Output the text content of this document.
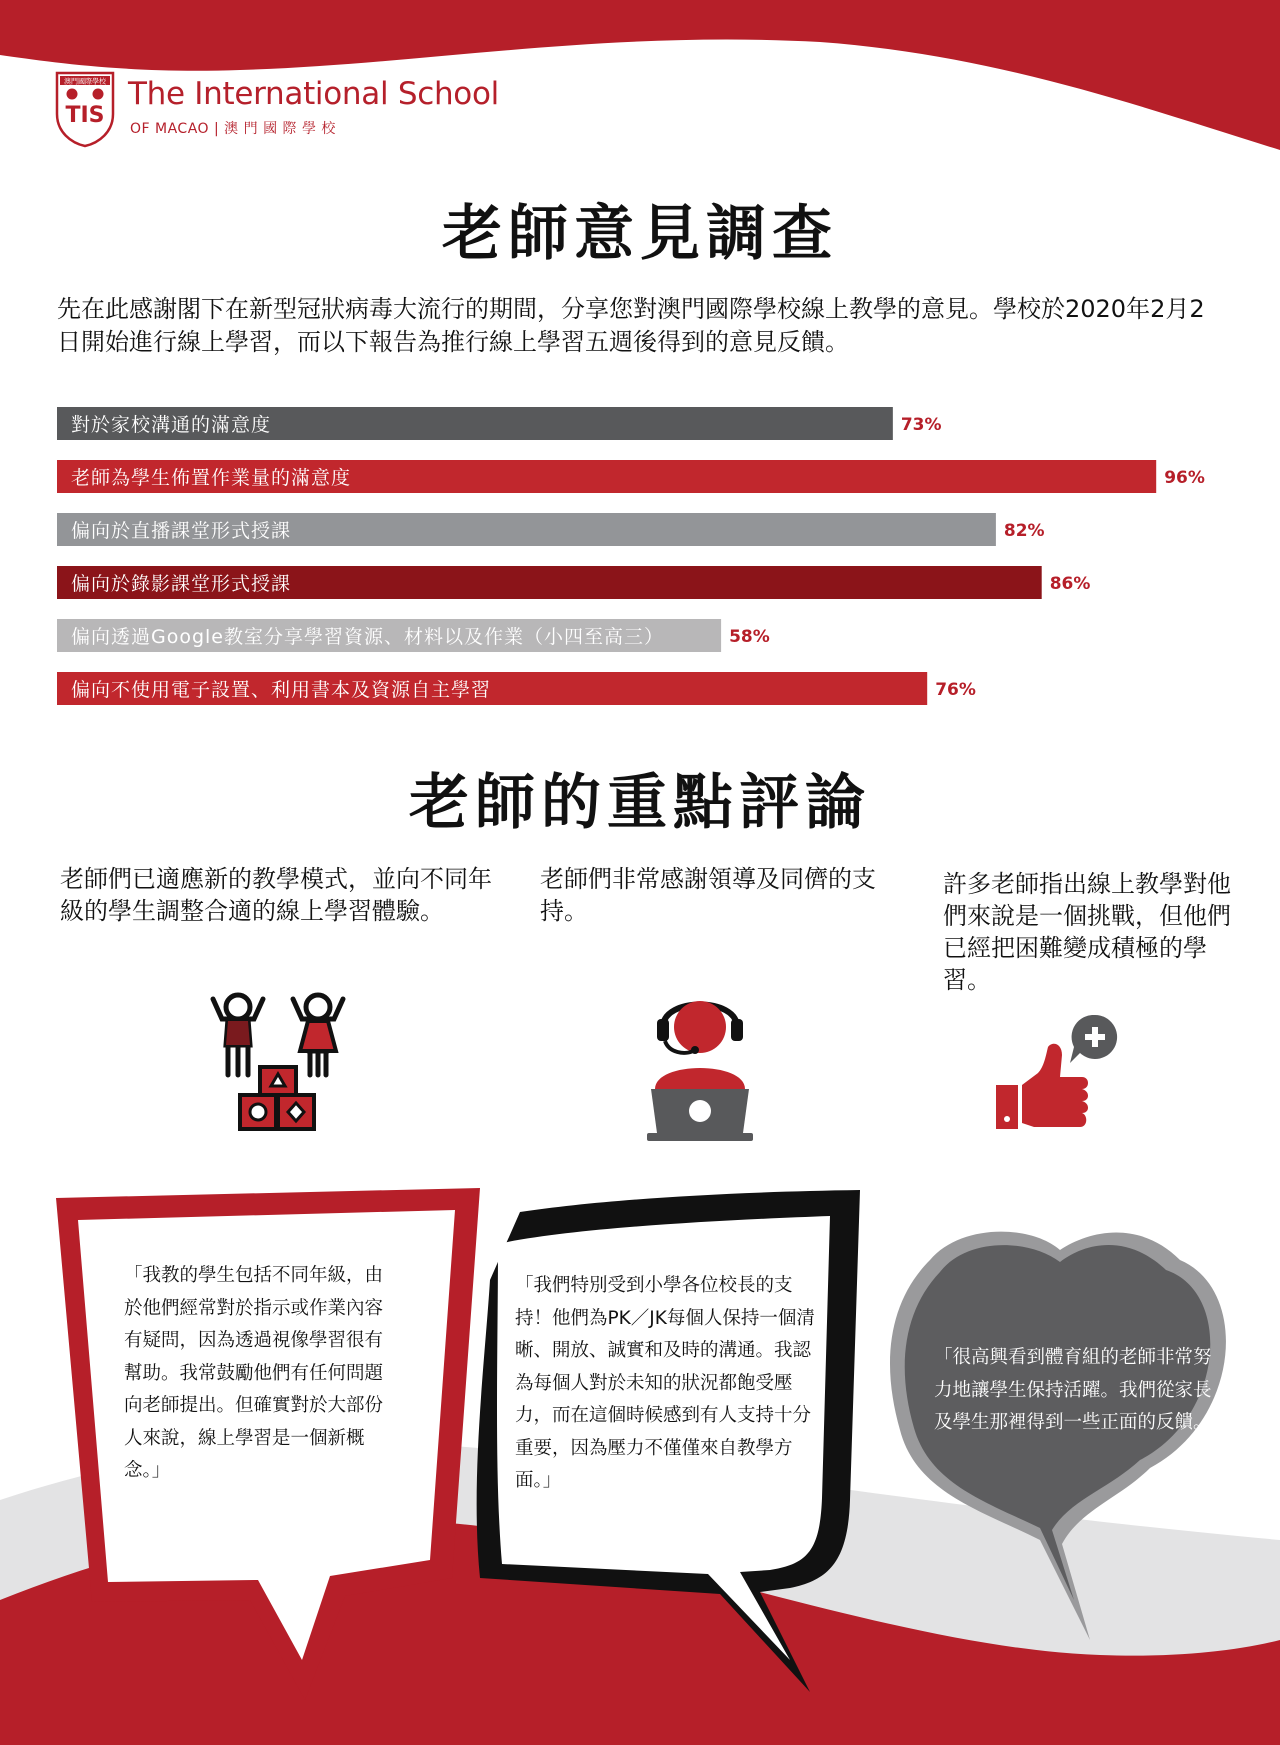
澳門國際學校
TIS
The International School
OF MACAO | 澳 門 國 際 學 校
老師意見調查
先在此感謝閣下在新型冠狀病毒大流行的期間，分享您對澳門國際學校線上教學的意見。學校於2020年2月2日開始進行線上學習，而以下報告為推行線上學習五週後得到的意見反饋。
對於家校溝通的滿意度	73%
老師為學生佈置作業量的滿意度	96%
偏向於直播課堂形式授課	82%
偏向於錄影課堂形式授課	86%
偏向透過Google教室分享學習資源、材料以及作業（小四至高三）	58%
偏向不使用電子設置、利用書本及資源自主學習	76%
老師的重點評論
老師們已適應新的教學模式，並向不同年級的學生調整合適的線上學習體驗。
老師們非常感謝領導及同儕的支持。
許多老師指出線上教學對他們來說是一個挑戰，但他們已經把困難變成積極的學習。
「我教的學生包括不同年級，由於他們經常對於指示或作業內容有疑問，因為透過視像學習很有幫助。我常鼓勵他們有任何問題向老師提出。但確實對於大部份人來說，線上學習是一個新概念。」
「我們特別受到小學各位校長的支持！他們為PK／JK每個人保持一個清晰、開放、誠實和及時的溝通。我認為每個人對於未知的狀況都飽受壓力，而在這個時候感到有人支持十分重要，因為壓力不僅僅來自教學方面。」
「很高興看到體育組的老師非常努力地讓學生保持活躍。我們從家長及學生那裡得到一些正面的反饋。」
